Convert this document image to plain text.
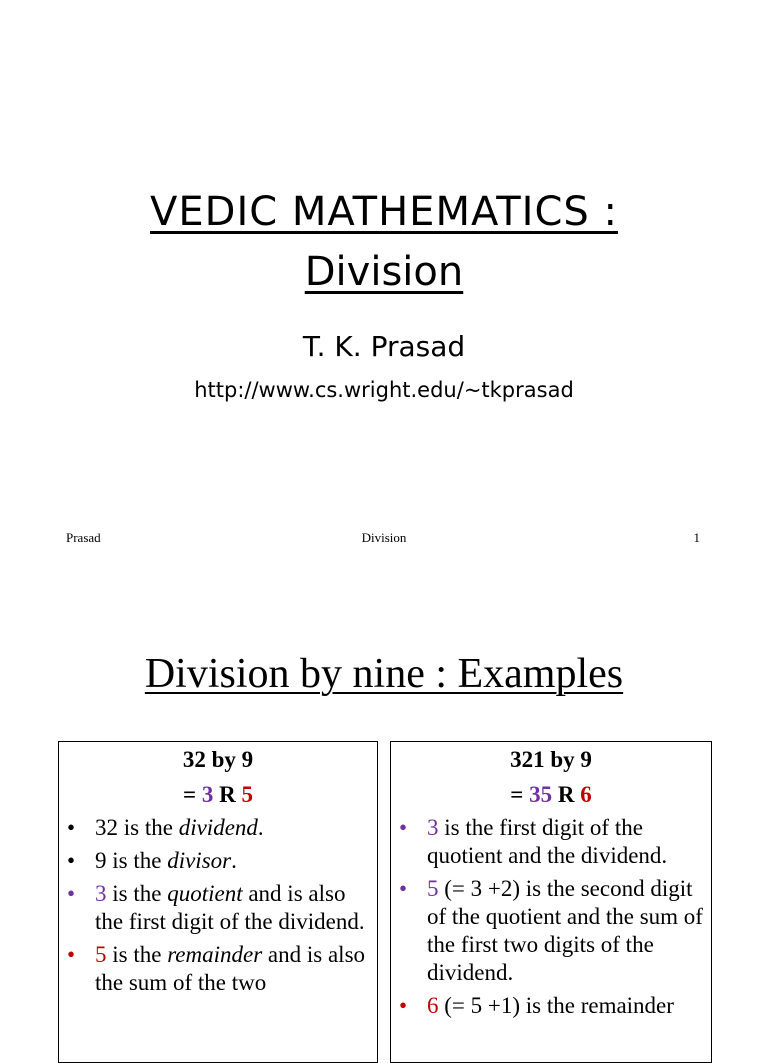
VEDIC MATHEMATICS :
Division
T. K. Prasad
http://www.cs.wright.edu/~tkprasad
Prasad	Division	1
Division by nine : Examples
32 by 9
= 3 R 5
• 32 is the dividend.
• 9 is the divisor.
• 3 is the quotient and is also the first digit of the dividend.
• 5 is the remainder and is also the sum of the two
321 by 9
= 35 R 6
• 3 is the first digit of the quotient and the dividend.
• 5 (= 3 +2) is the second digit of the quotient and the sum of the first two digits of the dividend.
• 6 (= 5 +1) is the remainder
